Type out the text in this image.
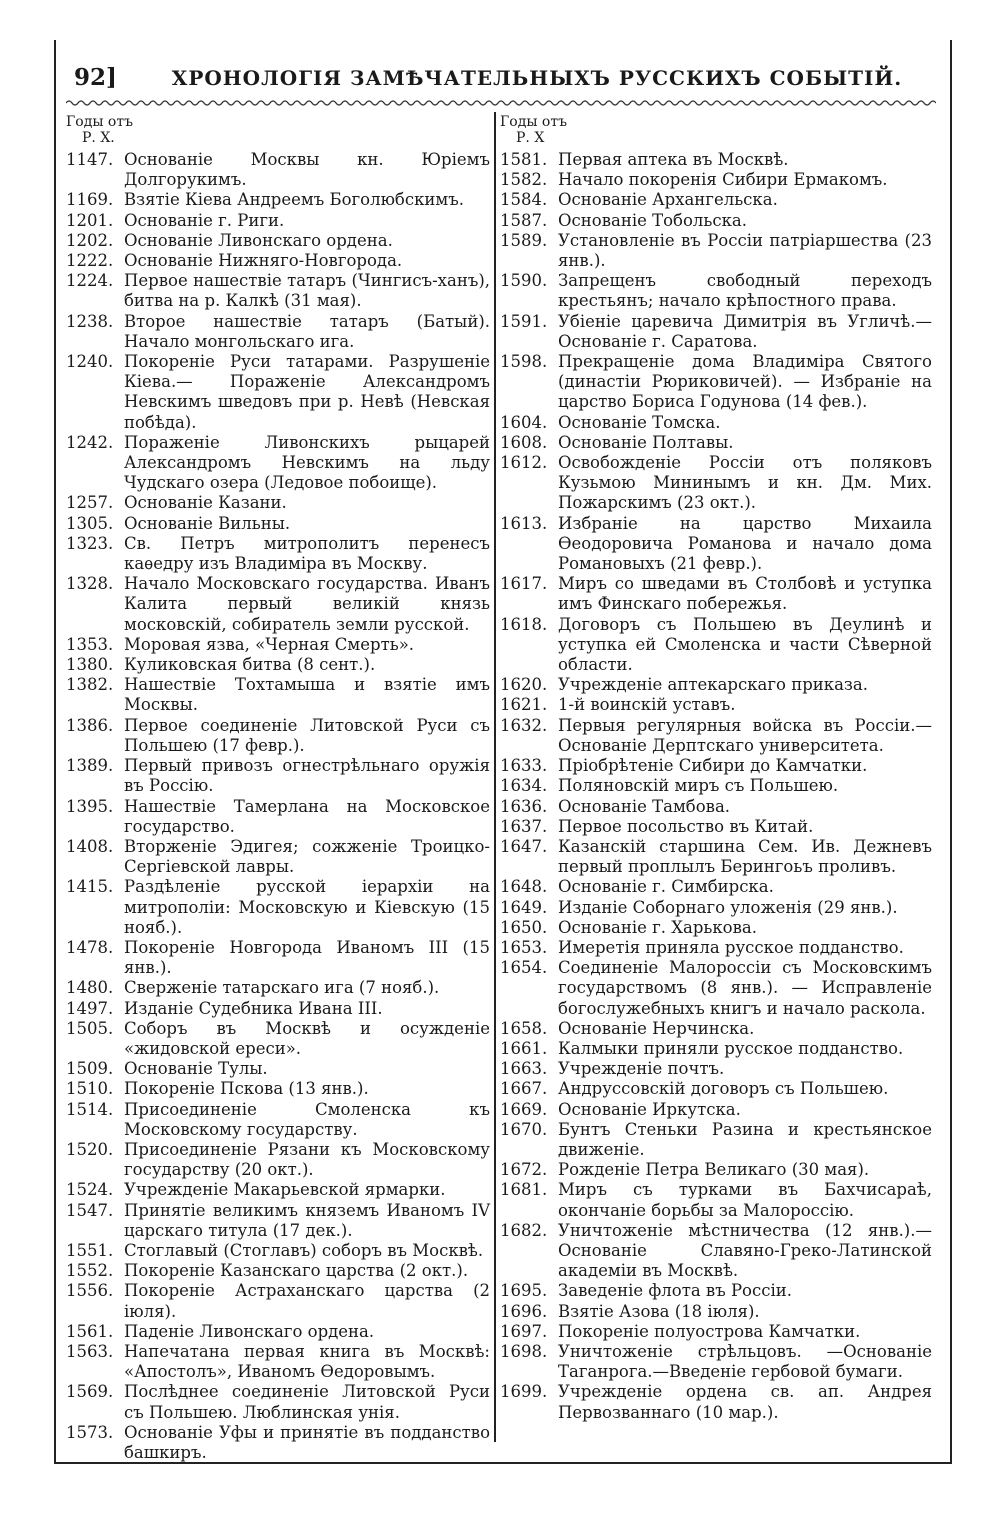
92]	ХРОНОЛОГІЯ ЗАМѢЧАТЕЛЬНЫХЪ РУССКИХЪ СОБЫТІЙ.
Годы отъ
Р. Х.
1147. Основаніе Москвы кн. Юріемъ Долгорукимъ.
1169. Взятіе Кіева Андреемъ Боголюбскимъ.
1201. Основаніе г. Риги.
1202. Основаніе Ливонскаго ордена.
1222. Основаніе Нижняго-Новгорода.
1224. Первое нашествіе татаръ (Чингисъ-ханъ), битва на р. Калкѣ (31 мая).
1238. Второе нашествіе татаръ (Батый). Начало монгольскаго ига.
1240. Покореніе Руси татарами. Разрушеніе Кіева.— Пораженіе Александромъ Невскимъ шведовъ при р. Невѣ (Невская побѣда).
1242. Пораженіе Ливонскихъ рыцарей Александромъ Невскимъ на льду Чудскаго озера (Ледовое побоище).
1257. Основаніе Казани.
1305. Основаніе Вильны.
1323. Св. Петръ митрополитъ перенесъ каѳедру изъ Владиміра въ Москву.
1328. Начало Московскаго государства. Иванъ Калита первый великій князь московскій, собиратель земли русской.
1353. Моровая язва, «Черная Смерть».
1380. Куликовская битва (8 сент.).
1382. Нашествіе Тохтамыша и взятіе имъ Москвы.
1386. Первое соединеніе Литовской Руси съ Польшею (17 февр.).
1389. Первый привозъ огнестрѣльнаго оружія въ Россію.
1395. Нашествіе Тамерлана на Московское государство.
1408. Вторженіе Эдигея; сожженіе Троицко-Сергіевской лавры.
1415. Раздѣленіе русской іерархіи на митрополіи: Московскую и Кіевскую (15 нояб.).
1478. Покореніе Новгорода Иваномъ III (15 янв.).
1480. Сверженіе татарскаго ига (7 нояб.).
1497. Изданіе Судебника Ивана III.
1505. Соборъ въ Москвѣ и осужденіе «жидовской ереси».
1509. Основаніе Тулы.
1510. Покореніе Пскова (13 янв.).
1514. Присоединеніе Смоленска къ Московскому государству.
1520. Присоединеніе Рязани къ Московскому государству (20 окт.).
1524. Учрежденіе Макарьевской ярмарки.
1547. Принятіе великимъ княземъ Иваномъ IV царскаго титула (17 дек.).
1551. Стоглавый (Стоглавъ) соборъ въ Москвѣ.
1552. Покореніе Казанскаго царства (2 окт.).
1556. Покореніе Астраханскаго царства (2 іюля).
1561. Паденіе Ливонскаго ордена.
1563. Напечатана первая книга въ Москвѣ: «Апостолъ», Иваномъ Ѳедоровымъ.
1569. Послѣднее соединеніе Литовской Руси съ Польшею. Люблинская унія.
1573. Основаніе Уфы и принятіе въ подданство башкиръ.
Годы отъ
Р. Х
1581. Первая аптека въ Москвѣ.
1582. Начало покоренія Сибири Ермакомъ.
1584. Основаніе Архангельска.
1587. Основаніе Тобольска.
1589. Установленіе въ Россіи патріаршества (23 янв.).
1590. Запрещенъ свободный переходъ крестьянъ; начало крѣпостного права.
1591. Убіеніе царевича Димитрія въ Угличѣ.— Основаніе г. Саратова.
1598. Прекращеніе дома Владиміра Святого (династіи Рюриковичей). — Избраніе на царство Бориса Годунова (14 фев.).
1604. Основаніе Томска.
1608. Основаніе Полтавы.
1612. Освобожденіе Россіи отъ поляковъ Кузьмою Мининымъ и кн. Дм. Мих. Пожарскимъ (23 окт.).
1613. Избраніе на царство Михаила Ѳеодоровича Романова и начало дома Романовыхъ (21 февр.).
1617. Миръ со шведами въ Столбовѣ и уступка имъ Финскаго побережья.
1618. Договоръ съ Польшею въ Деулинѣ и уступка ей Смоленска и части Сѣверной области.
1620. Учрежденіе аптекарскаго приказа.
1621. 1-й воинскій уставъ.
1632. Первыя регулярныя войска въ Россіи.— Основаніе Дерптскаго университета.
1633. Пріобрѣтеніе Сибири до Камчатки.
1634. Поляновскій миръ съ Польшею.
1636. Основаніе Тамбова.
1637. Первое посольство въ Китай.
1647. Казанскій старшина Сем. Ив. Дежневъ первый проплылъ Берингоьъ проливъ.
1648. Основаніе г. Симбирска.
1649. Изданіе Соборнаго уложенія (29 янв.).
1650. Основаніе г. Харькова.
1653. Имеретія приняла русское подданство.
1654. Соединеніе Малороссіи съ Московскимъ государствомъ (8 янв.). — Исправленіе богослужебныхъ книгъ и начало раскола.
1658. Основаніе Нерчинска.
1661. Калмыки приняли русское подданство.
1663. Учрежденіе почтъ.
1667. Андруссовскій договоръ съ Польшею.
1669. Основаніе Иркутска.
1670. Бунтъ Стеньки Разина и крестьянское движеніе.
1672. Рожденіе Петра Великаго (30 мая).
1681. Миръ съ турками въ Бахчисараѣ, окончаніе борьбы за Малороссію.
1682. Уничтоженіе мѣстничества (12 янв.).— Основаніе Славяно-Греко-Латинской академіи въ Москвѣ.
1695. Заведеніе флота въ Россіи.
1696. Взятіе Азова (18 іюля).
1697. Покореніе полуострова Камчатки.
1698. Уничтоженіе стрѣльцовъ. —Основаніе Таганрога.—Введеніе гербовой бумаги.
1699. Учрежденіе ордена св. ап. Андрея Первозваннаго (10 мар.).
